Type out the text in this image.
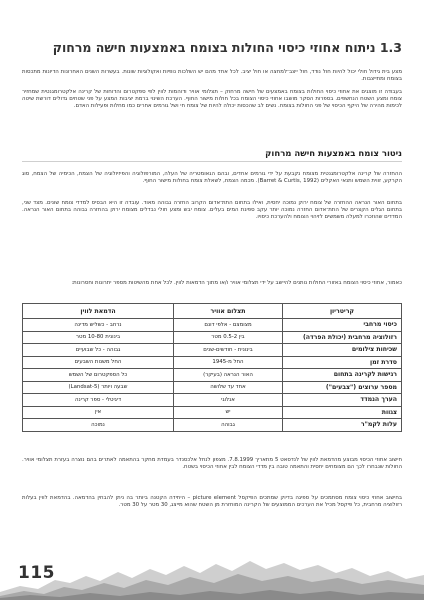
1.3 ניתוח אחוזי כיסוי החולות בצומח באמצעות חישה מרחוק

מצע בית גידול חולי יכול להיות חול נודד, חול ייצב־למחצה או חול יציב. לכל אחד מהם יש השלכות נופיות ואקולוגיות שונות. בעשרות השנים האחרונות הדיונות מתכסות בצומח ומתייצבות.

בעבודה זו מוצגים את אחוזי כיסוי החולות בצומח באמצעים של חישה מרחוק – תצלומי אוויר ודוהמות לווין לפי ספקטרום והדוחות של קרינה אלקטרומגנטית שמחזיר צומח ומצע השטח הנחשפים. בספרות הסקר מושבו אחוזי כיסוי הצומח בכל חולות מישור החוף. הערכת השינוי ברמת יציבות המצע על פני שטחים גדולים דורשת שיטה לכימות מהירה של היקף הכיסוי של פני החולות בצומח. נשים לב שהכסות יכולה להיות של צומח חי ושל גורמים אחרים כמו מחלות ופעילות האדם.

ניטור צומח באמצעות חישה מרחוק

ההחזרה של קרינה אלקטרומגנטית מצומח נקבעת על ידי גורמים אחדים, ובהם הגאומטריה של העלה, המורפולוגיה והפיזיולוגיה של הצמח, הכימיה של הצמח, סוג הקרקע, זווית השמש ותנאי האקלים (Barret & Curtis, 1992). מכמה הצמח, לשאלת צומח בחולות מישור החוף.

בתחום האור הנראה ההחזרה של צומח ירוק נמוכה יחסית, ואילו בתחום התת־אדום הקרוב החזרה גבוהה מאוד. עובדה זו היא הבסיס למדדי צומח שונים. מצד שני, בתחום הגלים הקצרים של התת־אדום החזרה נמוכה יותר עקב ספיגת המים בעלים. צומח יבש ומצע חולי נבדלים מצומח ירוק בהחזרה גבוהה בתחום האור הנראה. המדדים שהוזכרו למעלה משמשים לזיהוי הצומח ולהערכת כיסויו.

כאמור, אחוזי כיסוי הצומח באזורי החולות נותנים להיישב על ידי תצלומי אוויר ו/או מתוך הדמאות לווין. לכל אחת מהשיטות מספר יתרונות וחסרונות:

קריטריון	תצלום אוויר	הדמאת לווין
כיסוי מרחבי	מצומצם - אלפי דונם	נרחב - כשליש מדינה
רזולוציה מרחבית (יכולת הפרדה)	בין 0.5-2 מטר	בינונית 10-80 מטר
שכיחות צילומים	בינונית - חודשים-שנים	גבוהה - כל שבועיים
סדרת זמן	החל מ-1945	החל משנות השבעים
רגישות לקרינה בתחום	האור הנראה (בעיקר)	כל הספקטרום של השמש
מספר ערוצים ("צבעים")	אחד עד שלושה	שבעה ויותר (Landsat-5)
הערך הנמדד	אנלוגי	דיגיטלי - ספר קרינה
צגוות	יש	אין
עלות לקמ"ר	גבוהה	נמוכה

חישוב אחוזי הכיסוי מבוצע מהדמאת לווין של לנדסאט 5 מתאריך 7.8.1999. מצפון לנחל אלכסנדר בעמדת מחקר בהתאמה לאתרים בהם נוצרה בעזרת תצלומי אוויר. החולות שנבחרו לכך הם מצומחים יחסית והתאמה טובה בין מדדי הצומח לבין אחוזי הכיסוי בשטח.

בחישוב אחוזי כיסוי צומח מסתמכים על ספיגה בדיוק שמתכים הפיקסל picture element – היחידה הקטנה ביותר בה ניתן להבחין בהדמאה. בהדמאת לווין בעלות רזולוציה מרחבית, כל פיקסל מכיל את הערכים הממוצעים של הקרינה המוחזרת מן השטח שהוא מייצג, 30 מטר על 30 מטר.

115
